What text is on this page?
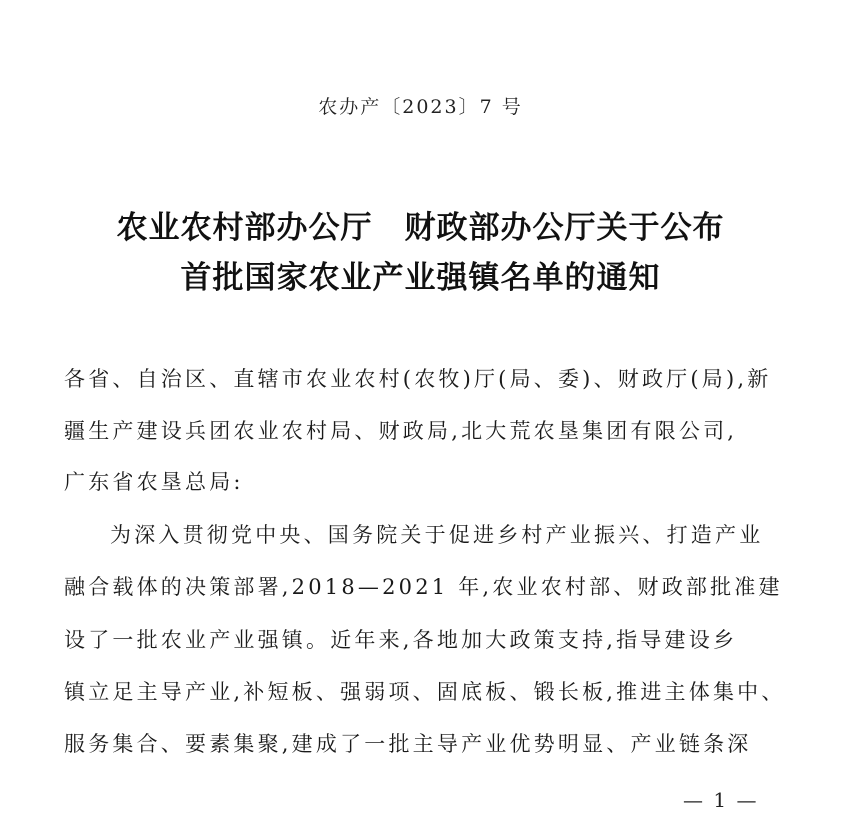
农办产〔2023〕7 号
农业农村部办公厅　财政部办公厅关于公布
首批国家农业产业强镇名单的通知
各省、自治区、直辖市农业农村(农牧)厅(局、委)、财政厅(局),新
疆生产建设兵团农业农村局、财政局,北大荒农垦集团有限公司,
广东省农垦总局:
为深入贯彻党中央、国务院关于促进乡村产业振兴、打造产业
融合载体的决策部署,2018—2021 年,农业农村部、财政部批准建
设了一批农业产业强镇。近年来,各地加大政策支持,指导建设乡
镇立足主导产业,补短板、强弱项、固底板、锻长板,推进主体集中、
服务集合、要素集聚,建成了一批主导产业优势明显、产业链条深
— 1 —
